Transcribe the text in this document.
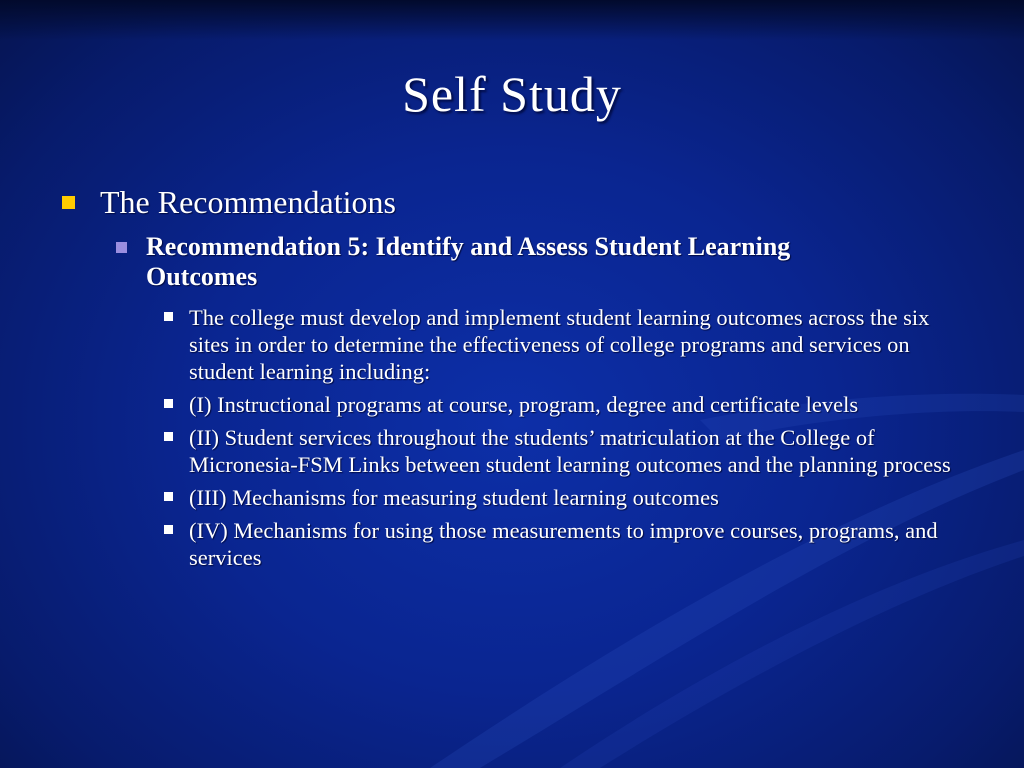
Self Study
The Recommendations
Recommendation 5: Identify and Assess Student Learning Outcomes
The college must develop and implement student learning outcomes across the six sites in order to determine the effectiveness of college programs and services on student learning including:
(I) Instructional programs at course, program, degree and certificate levels
(II) Student services throughout the students’ matriculation at the College of Micronesia-FSM Links between student learning outcomes and the planning process
(III) Mechanisms for measuring student learning outcomes
(IV) Mechanisms for using those measurements to improve courses, programs, and services
